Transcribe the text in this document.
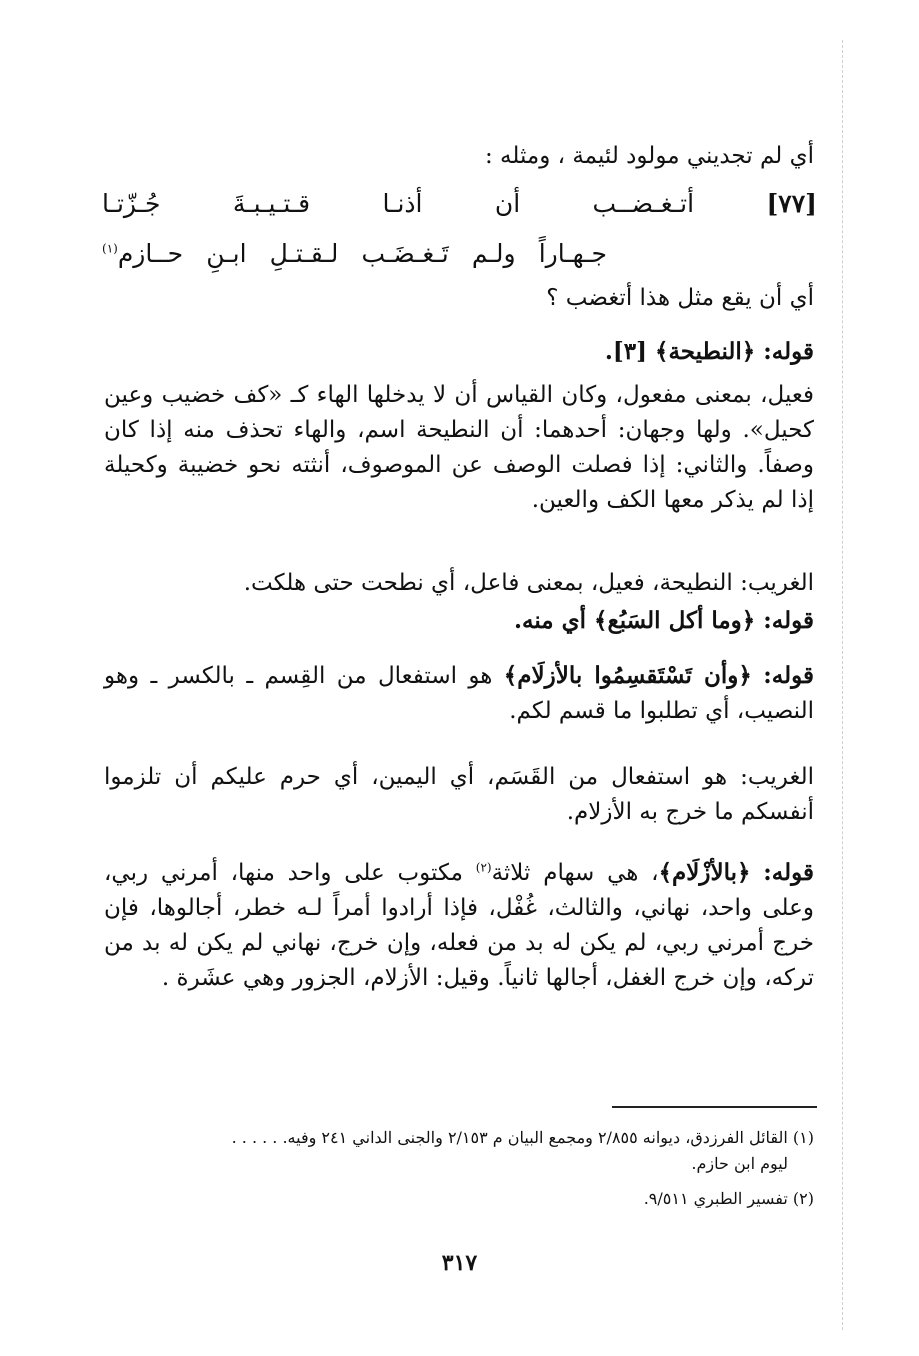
أي لم تجديني مولود لئيمة ، ومثله :

[٧٧] أتـغـضــب أن أذنـا قـتـيـبـةَ جُـزّتـا
جـهـاراً ولـم تَـغـضَـب لـقـتـلِ ابـنِ حــازم$^{(١)}$

أي أن يقع مثل هذا أتغضب ؟

قوله: ﴿النطيحة﴾ [٣].

فعيل، بمعنى مفعول، وكان القياس أن لا يدخلها الهاء كـ «كف خضيب وعين كحيل». ولها وجهان: أحدهما: أن النطيحة اسم، والهاء تحذف منه إذا كان وصفاً. والثاني: إذا فصلت الوصف عن الموصوف، أنثته نحو خضيبة وكحيلة إذا لم يذكر معها الكف والعين.

الغريب: النطيحة، فعيل، بمعنى فاعل، أي نطحت حتى هلكت.

قوله: ﴿وما أكل السَبُع﴾ أي منه.

قوله: ﴿وأن تَسْتَقسِمُوا بالأزلَام﴾ هو استفعال من القِسم ـ بالكسر ـ وهو النصيب، أي تطلبوا ما قسم لكم.

الغريب: هو استفعال من القَسَم، أي اليمين، أي حرم عليكم أن تلزموا أنفسكم ما خرج به الأزلام.

قوله: ﴿بالأزْلَام﴾، هي سهام ثلاثة$^{(٢)}$ مكتوب على واحد منها، أمرني ربي، وعلى واحد، نهاني، والثالث، غُفْل، فإذا أرادوا أمراً لـه خطر، أجالوها، فإن خرج أمرني ربي، لم يكن له بد من فعله، وإن خرج، نهاني لم يكن له بد من تركه، وإن خرج الغفل، أجالها ثانياً. وقيل: الأزلام، الجزور وهي عشَرة .

(١) القائل الفرزدق، ديوانه ٢/٨٥٥ ومجمع البيان م ٢/١٥٣ والجنى الداني ٢٤١ وفيه. . . . . .
ليوم ابن حازم.
(٢) تفسير الطبري ٩/٥١١.
٣١٧
